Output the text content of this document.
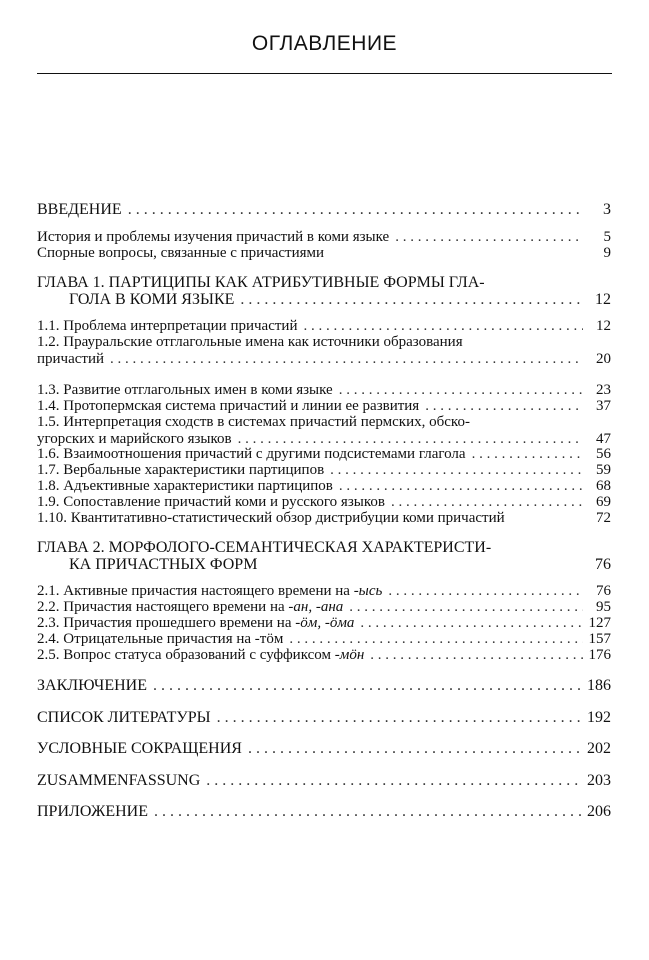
ОГЛАВЛЕНИЕ
ВВЕДЕНИЕ . . .	3
История и проблемы изучения причастий в коми языке . . .	5
Спорные вопросы, связанные с причастиями	9
ГЛАВА 1. ПАРТИЦИПЫ КАК АТРИБУТИВНЫЕ ФОРМЫ ГЛА-
ГОЛА В КОМИ ЯЗЫКЕ . . .	12
1.1. Проблема интерпретации причастий . . .	12
1.2. Прауральские отглагольные имена как источники образования
причастий . . .	20
1.3. Развитие отглагольных имен в коми языке . . .	23
1.4. Протопермская система причастий и линии ее развития . . .	37
1.5. Интерпретация сходств в системах причастий пермских, обско-
угорских и марийского языков . . .	47
1.6. Взаимоотношения причастий с другими подсистемами глагола . . .	56
1.7. Вербальные характеристики партиципов . . .	59
1.8. Адъективные характеристики партиципов . . .	68
1.9. Сопоставление причастий коми и русского языков . . .	69
1.10. Квантитативно-статистический обзор дистрибуции коми причастий	72
ГЛАВА 2. МОРФОЛОГО-СЕМАНТИЧЕСКАЯ ХАРАКТЕРИСТИ-
КА ПРИЧАСТНЫХ ФОРМ	76
2.1. Активные причастия настоящего времени на -ысь . . .	76
2.2. Причастия настоящего времени на -ан, -ана . . .	95
2.3. Причастия прошедшего времени на -öм, -öма . . .	127
2.4. Отрицательные причастия на -тöм . . .	157
2.5. Вопрос статуса образований с суффиксом -мöн . . .	176
ЗАКЛЮЧЕНИЕ . . .	186
СПИСОК ЛИТЕРАТУРЫ . . .	192
УСЛОВНЫЕ СОКРАЩЕНИЯ . . .	202
ZUSAMMENFASSUNG . . .	203
ПРИЛОЖЕНИЕ . . .	206
